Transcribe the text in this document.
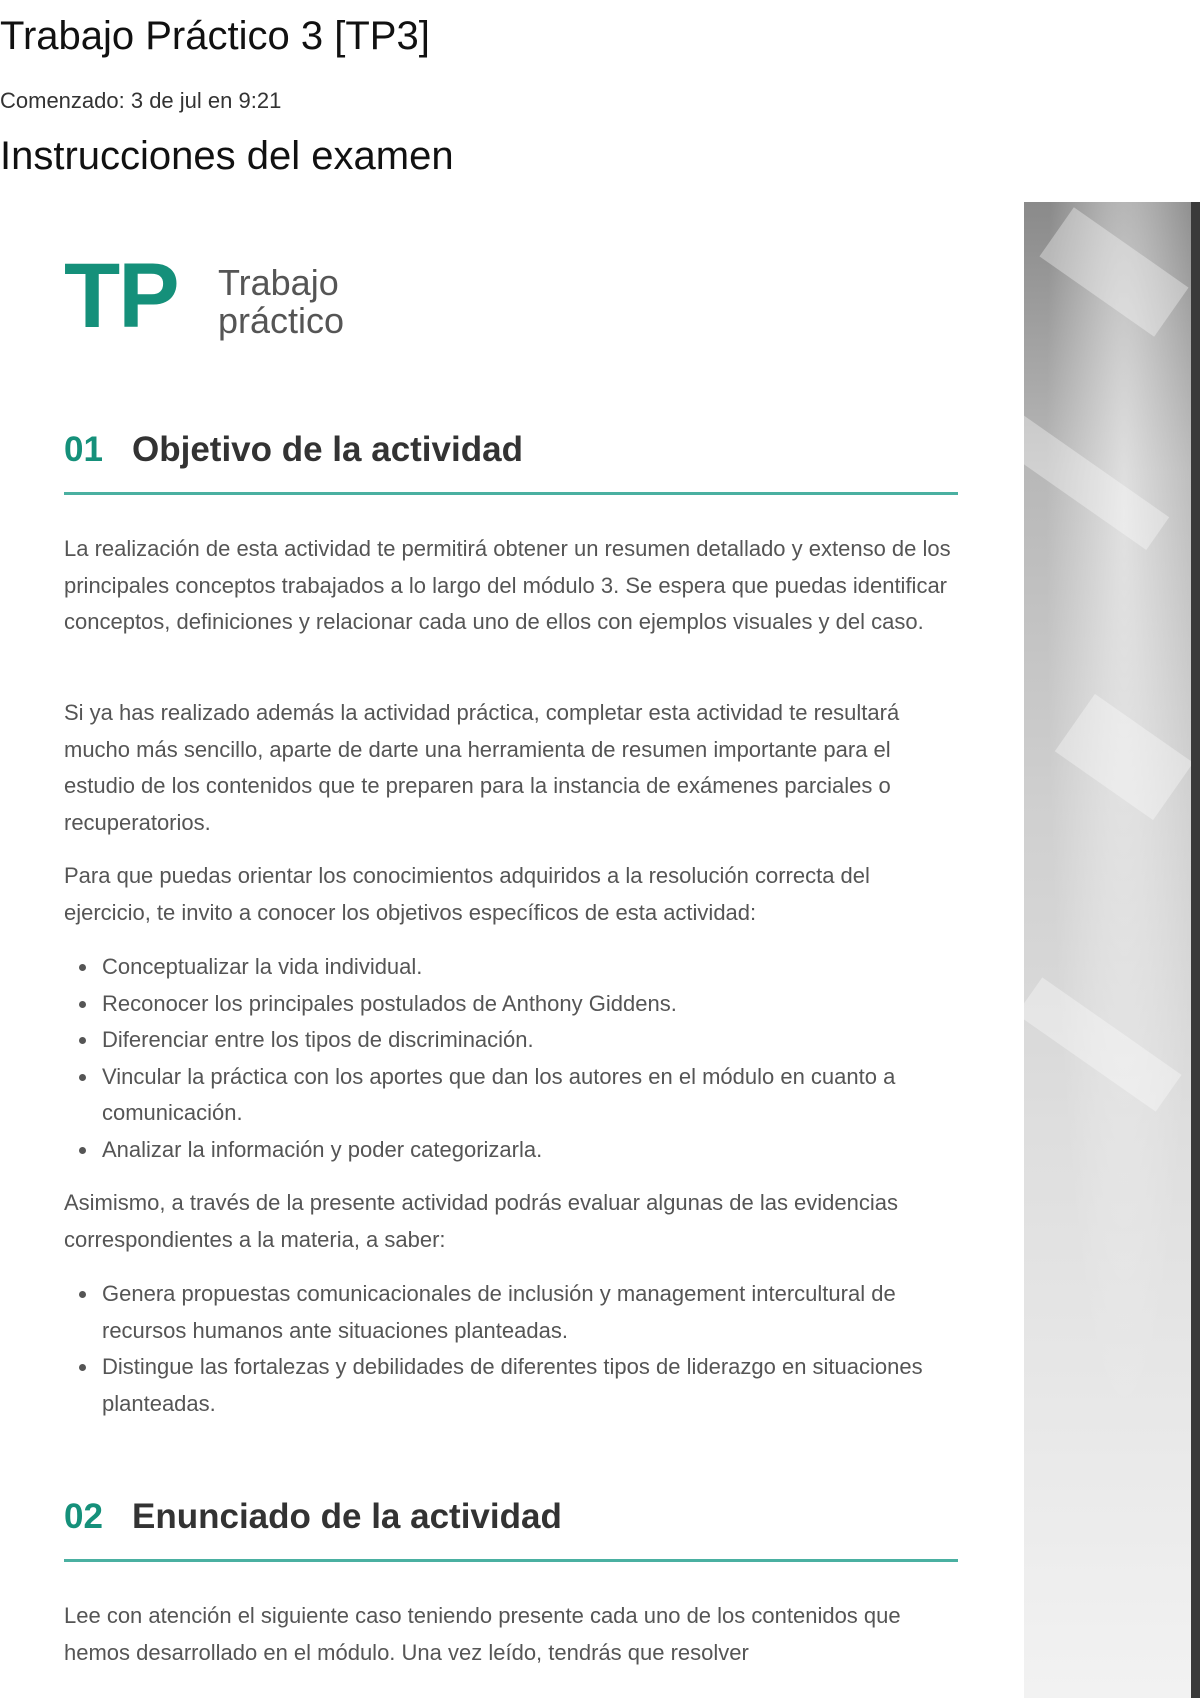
Trabajo Práctico 3 [TP3]

Comenzado: 3 de jul en 9:21

Instrucciones del examen
TP Trabajo
práctico
01 Objetivo de la actividad

La realización de esta actividad te permitirá obtener un resumen detallado y extenso de los principales conceptos trabajados a lo largo del módulo 3. Se espera que puedas identificar conceptos, definiciones y relacionar cada uno de ellos con ejemplos visuales y del caso.

Si ya has realizado además la actividad práctica, completar esta actividad te resultará mucho más sencillo, aparte de darte una herramienta de resumen importante para el estudio de los contenidos que te preparen para la instancia de exámenes parciales o recuperatorios.

Para que puedas orientar los conocimientos adquiridos a la resolución correcta del ejercicio, te invito a conocer los objetivos específicos de esta actividad:

Asimismo, a través de la presente actividad podrás evaluar algunas de las evidencias correspondientes a la materia, a saber:

Conceptualizar la vida individual.
Reconocer los principales postulados de Anthony Giddens.
Diferenciar entre los tipos de discriminación.
Vincular la práctica con los aportes que dan los autores en el módulo en cuanto a comunicación.
Analizar la información y poder categorizarla.
Genera propuestas comunicacionales de inclusión y management intercultural de recursos humanos ante situaciones planteadas.
Distingue las fortalezas y debilidades de diferentes tipos de liderazgo en situaciones planteadas.
02 Enunciado de la actividad

Lee con atención el siguiente caso teniendo presente cada uno de los contenidos que hemos desarrollado en el módulo. Una vez leído, tendrás que resolver
